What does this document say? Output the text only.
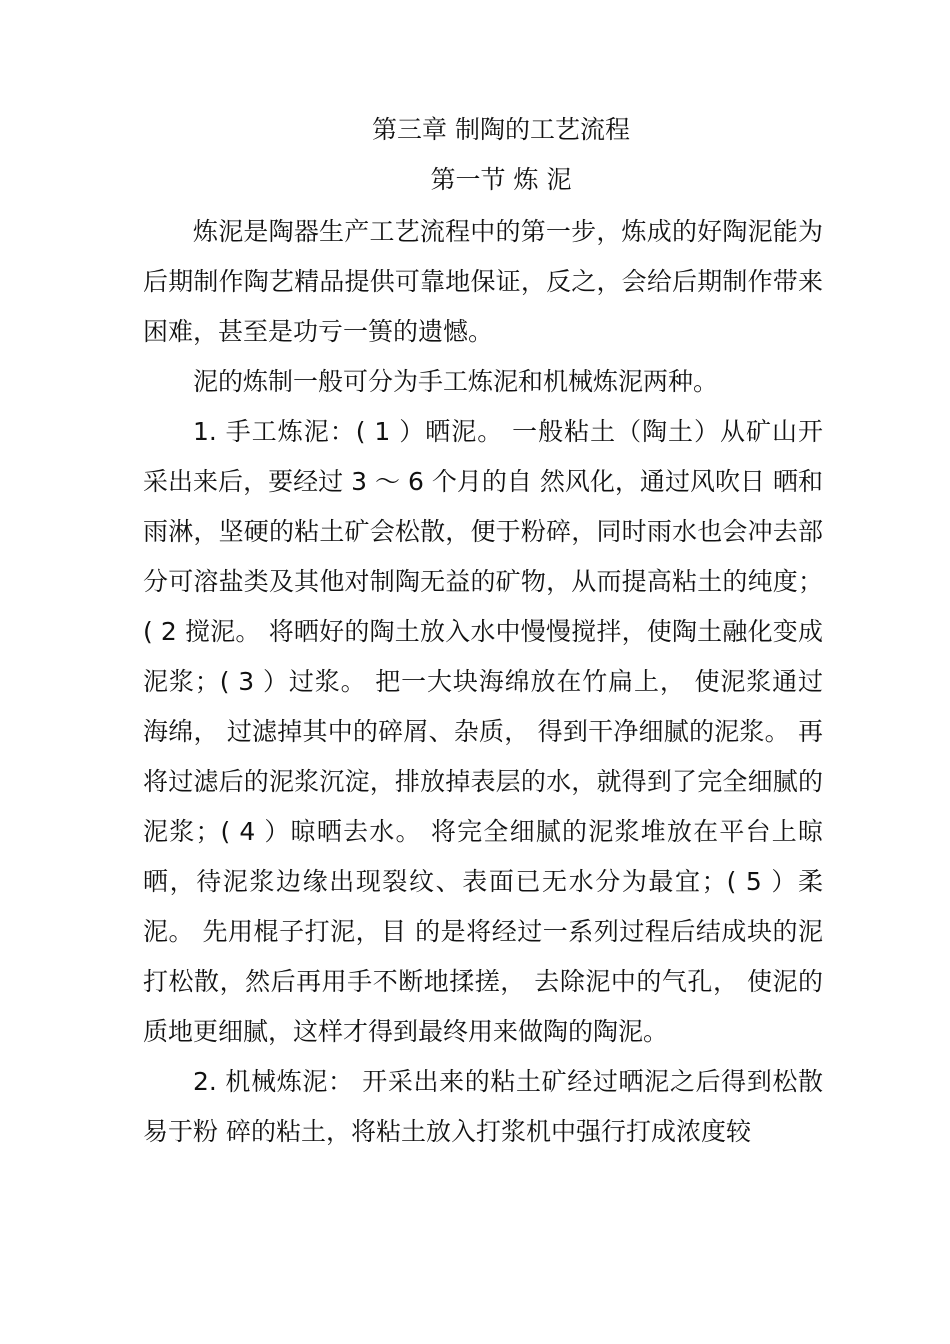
第三章 制陶的工艺流程
第一节 炼 泥

炼泥是陶器生产工艺流程中的第一步，炼成的好陶泥能为后期制作陶艺精品提供可靠地保证，反之，会给后期制作带来困难，甚至是功亏一篑的遗憾。

泥的炼制一般可分为手工炼泥和机械炼泥两种。

1. 手工炼泥：( 1 ）晒泥。 一般粘土（陶土）从矿山开采出来后，要经过 3 ～ 6 个月的自 然风化，通过风吹日 晒和雨淋，坚硬的粘土矿会松散，便于粉碎，同时雨水也会冲去部分可溶盐类及其他对制陶无益的矿物，从而提高粘土的纯度；( 2 搅泥。 将晒好的陶土放入水中慢慢搅拌，使陶土融化变成泥浆；( 3 ）过浆。 把一大块海绵放在竹扁上， 使泥浆通过海绵， 过滤掉其中的碎屑、杂质， 得到干净细腻的泥浆。 再将过滤后的泥浆沉淀，排放掉表层的水，就得到了完全细腻的泥浆；( 4 ）晾晒去水。 将完全细腻的泥浆堆放在平台上晾晒，待泥浆边缘出现裂纹、表面已无水分为最宜；( 5 ）柔泥。 先用棍子打泥，目 的是将经过一系列过程后结成块的泥打松散，然后再用手不断地揉搓， 去除泥中的气孔， 使泥的质地更细腻，这样才得到最终用来做陶的陶泥。

2. 机械炼泥： 开采出来的粘土矿经过晒泥之后得到松散易于粉 碎的粘土，将粘土放入打浆机中强行打成浓度较
